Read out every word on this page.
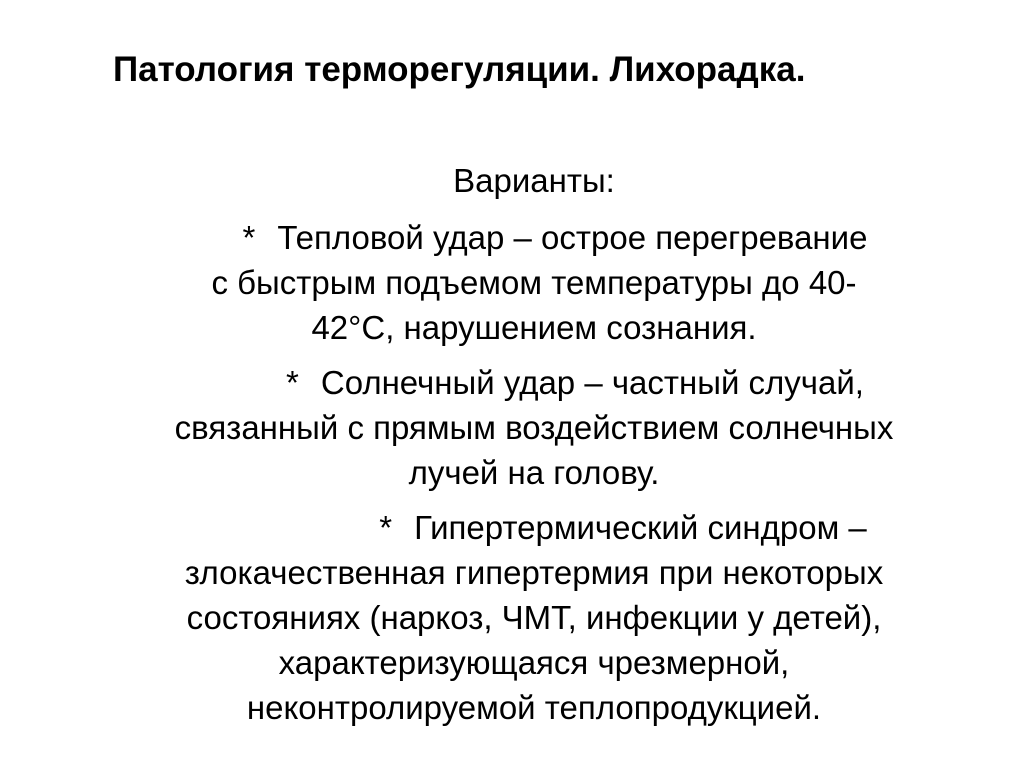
Патология терморегуляции. Лихорадка.
Варианты:
* Тепловой удар – острое перегревание
с быстрым подъемом температуры до 40-
42°С, нарушением сознания.
* Солнечный удар – частный случай,
связанный с прямым воздействием солнечных
лучей на голову.
* Гипертермический синдром –
злокачественная гипертермия при некоторых
состояниях (наркоз, ЧМТ, инфекции у детей),
характеризующаяся чрезмерной,
неконтролируемой теплопродукцией.
